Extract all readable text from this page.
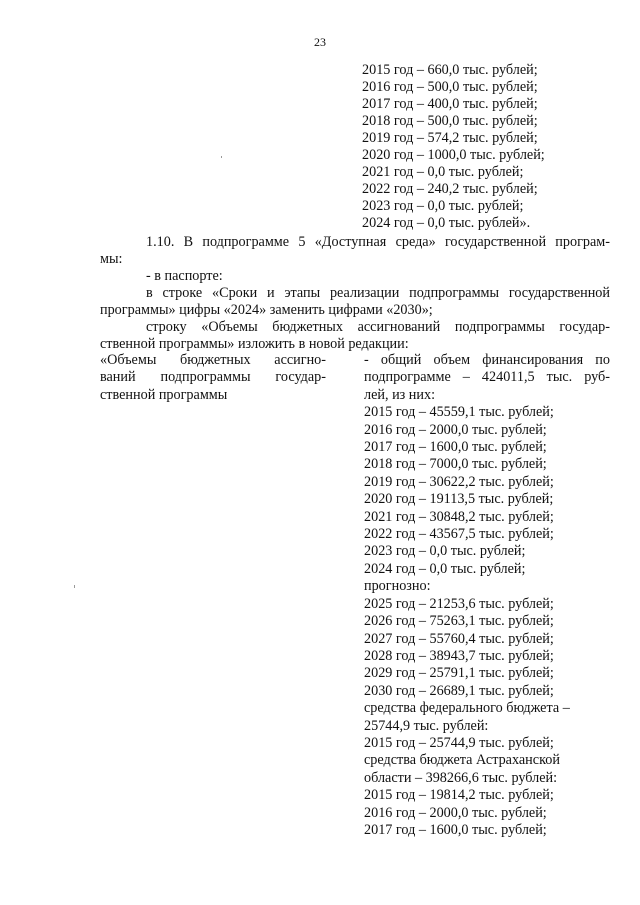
23
2015 год – 660,0 тыс. рублей;
2016 год – 500,0 тыс. рублей;
2017 год – 400,0 тыс. рублей;
2018 год – 500,0 тыс. рублей;
2019 год – 574,2 тыс. рублей;
2020 год – 1000,0 тыс. рублей;
2021 год – 0,0 тыс. рублей;
2022 год – 240,2 тыс. рублей;
2023 год – 0,0 тыс. рублей;
2024 год – 0,0 тыс. рублей».
1.10. В подпрограмме 5 «Доступная среда» государственной програм-
мы:
- в паспорте:
в строке «Сроки и этапы реализации подпрограммы государственной
программы» цифры «2024» заменить цифрами «2030»;
строку «Объемы бюджетных ассигнований подпрограммы государ-
ственной программы» изложить в новой редакции:
«Объемы бюджетных ассигно-
ваний подпрограммы государ-
ственной программы
- общий объем финансирования по
подпрограмме – 424011,5 тыс. руб-
лей, из них:
2015 год – 45559,1 тыс. рублей;
2016 год – 2000,0 тыс. рублей;
2017 год – 1600,0 тыс. рублей;
2018 год – 7000,0 тыс. рублей;
2019 год – 30622,2 тыс. рублей;
2020 год – 19113,5 тыс. рублей;
2021 год – 30848,2 тыс. рублей;
2022 год – 43567,5 тыс. рублей;
2023 год – 0,0 тыс. рублей;
2024 год – 0,0 тыс. рублей;
прогнозно:
2025 год – 21253,6 тыс. рублей;
2026 год – 75263,1 тыс. рублей;
2027 год – 55760,4 тыс. рублей;
2028 год – 38943,7 тыс. рублей;
2029 год – 25791,1 тыс. рублей;
2030 год – 26689,1 тыс. рублей;
средства федерального бюджета –
25744,9 тыс. рублей:
2015 год – 25744,9 тыс. рублей;
средства бюджета Астраханской
области – 398266,6 тыс. рублей:
2015 год – 19814,2 тыс. рублей;
2016 год – 2000,0 тыс. рублей;
2017 год – 1600,0 тыс. рублей;
